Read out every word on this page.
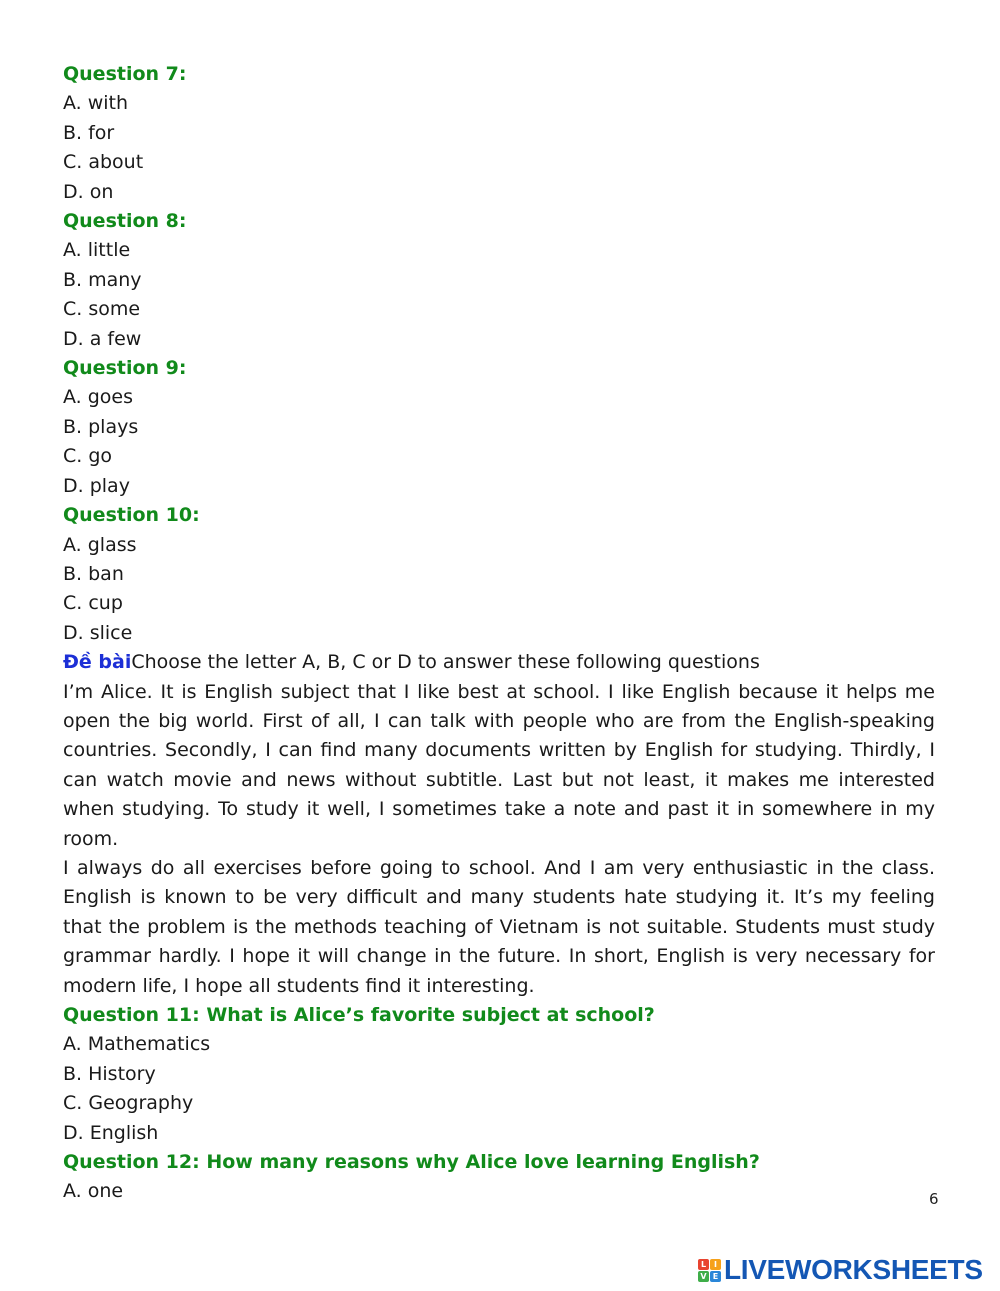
Question 7:

A. with

B. for

C. about

D. on

Question 8:

A. little

B. many

C. some

D. a few

Question 9:

A. goes

B. plays

C. go

D. play

Question 10:

A. glass

B. ban

C. cup

D. slice

Đề bàiChoose the letter A, B, C or D to answer these following questions

I’m Alice. It is English subject that I like best at school. I like English because it helps me open the big world. First of all, I can talk with people who are from the English-speaking countries. Secondly, I can find many documents written by English for studying. Thirdly, I can watch movie and news without subtitle. Last but not least, it makes me interested when studying. To study it well, I sometimes take a note and past it in somewhere in my room.

I always do all exercises before going to school. And I am very enthusiastic in the class. English is known to be very difficult and many students hate studying it. It’s my feeling that the problem is the methods teaching of Vietnam is not suitable. Students must study grammar hardly. I hope it will change in the future. In short, English is very necessary for modern life, I hope all students find it interesting.

Question 11: What is Alice’s favorite subject at school?

A. Mathematics

B. History

C. Geography

D. English

Question 12: How many reasons why Alice love learning English?

A. one	6
L I
V E LIVEWORKSHEETS
